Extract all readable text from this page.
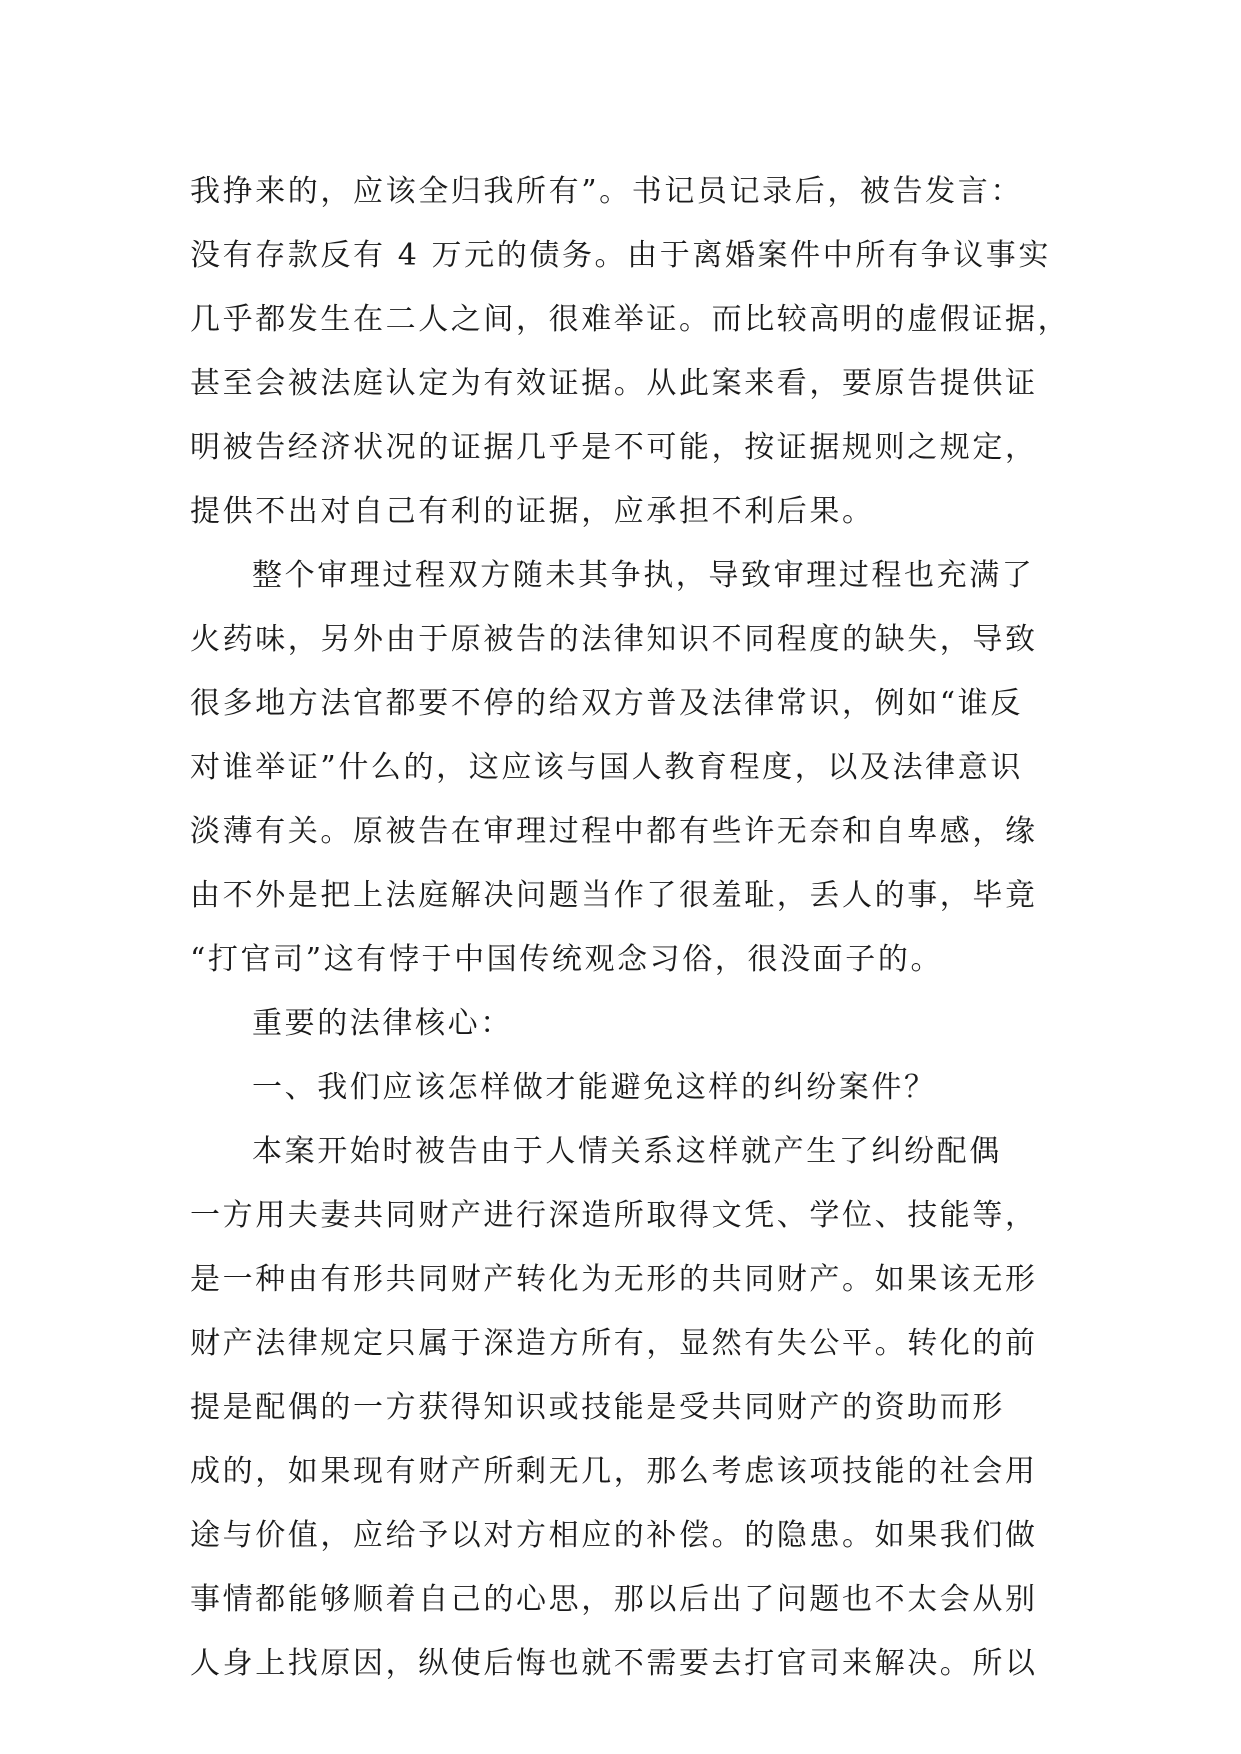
我挣来的，应该全归我所有”。书记员记录后，被告发言：
没有存款反有 4 万元的债务。由于离婚案件中所有争议事实
几乎都发生在二人之间，很难举证。而比较高明的虚假证据，
甚至会被法庭认定为有效证据。从此案来看，要原告提供证
明被告经济状况的证据几乎是不可能，按证据规则之规定，
提供不出对自己有利的证据，应承担不利后果。
整个审理过程双方随未其争执，导致审理过程也充满了
火药味，另外由于原被告的法律知识不同程度的缺失，导致
很多地方法官都要不停的给双方普及法律常识，例如“谁反
对谁举证”什么的，这应该与国人教育程度，以及法律意识
淡薄有关。原被告在审理过程中都有些许无奈和自卑感，缘
由不外是把上法庭解决问题当作了很羞耻，丢人的事，毕竟
“打官司”这有悖于中国传统观念习俗，很没面子的。
重要的法律核心：
一、我们应该怎样做才能避免这样的纠纷案件？
本案开始时被告由于人情关系这样就产生了纠纷配偶
一方用夫妻共同财产进行深造所取得文凭、学位、技能等，
是一种由有形共同财产转化为无形的共同财产。如果该无形
财产法律规定只属于深造方所有，显然有失公平。转化的前
提是配偶的一方获得知识或技能是受共同财产的资助而形
成的，如果现有财产所剩无几，那么考虑该项技能的社会用
途与价值，应给予以对方相应的补偿。的隐患。如果我们做
事情都能够顺着自己的心思，那以后出了问题也不太会从别
人身上找原因，纵使后悔也就不需要去打官司来解决。所以
